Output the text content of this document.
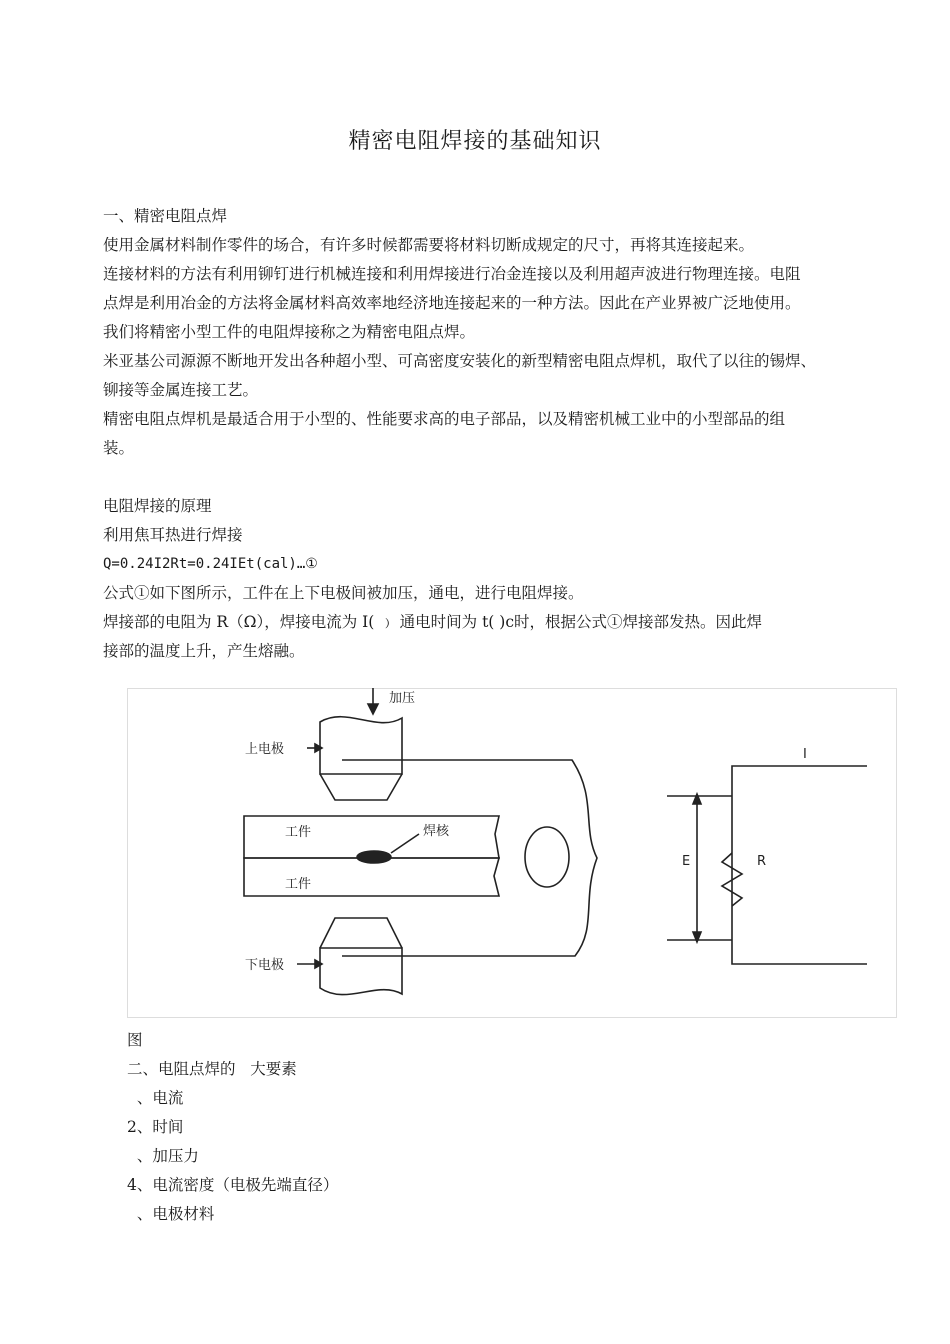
精密电阻焊接的基础知识

一、精密电阻点焊

使用金属材料制作零件的场合，有许多时候都需要将材料切断成规定的尺寸，再将其连接起来。

连接材料的方法有利用铆钉进行机械连接和利用焊接进行冶金连接以及利用超声波进行物理连接。电阻

点焊是利用冶金的方法将金属材料高效率地经济地连接起来的一种方法。因此在产业界被广泛地使用。

我们将精密小型工件的电阻焊接称之为精密电阻点焊。

米亚基公司源源不断地开发出各种超小型、可高密度安装化的新型精密电阻点焊机，取代了以往的锡焊、

铆接等金属连接工艺。

精密电阻点焊机是最适合用于小型的、性能要求高的电子部品，以及精密机械工业中的小型部品的组

装。

电阻焊接的原理

利用焦耳热进行焊接

Q=0.24I2Rt=0.24IEt(cal)…①

公式①如下图所示，工件在上下电极间被加压，通电，进行电阻焊接。

焊接部的电阻为 R（Ω），焊接电流为 I( ﹚ 通电时间为 t( )c时，根据公式①焊接部发热。因此焊

接部的温度上升，产生熔融。

加压
上电极
工件	焊核
工件
下电极
I
E	R

图

二、电阻点焊的   大要素

、电流

2、时间

、加压力

4、电流密度（电极先端直径）

、电极材料
